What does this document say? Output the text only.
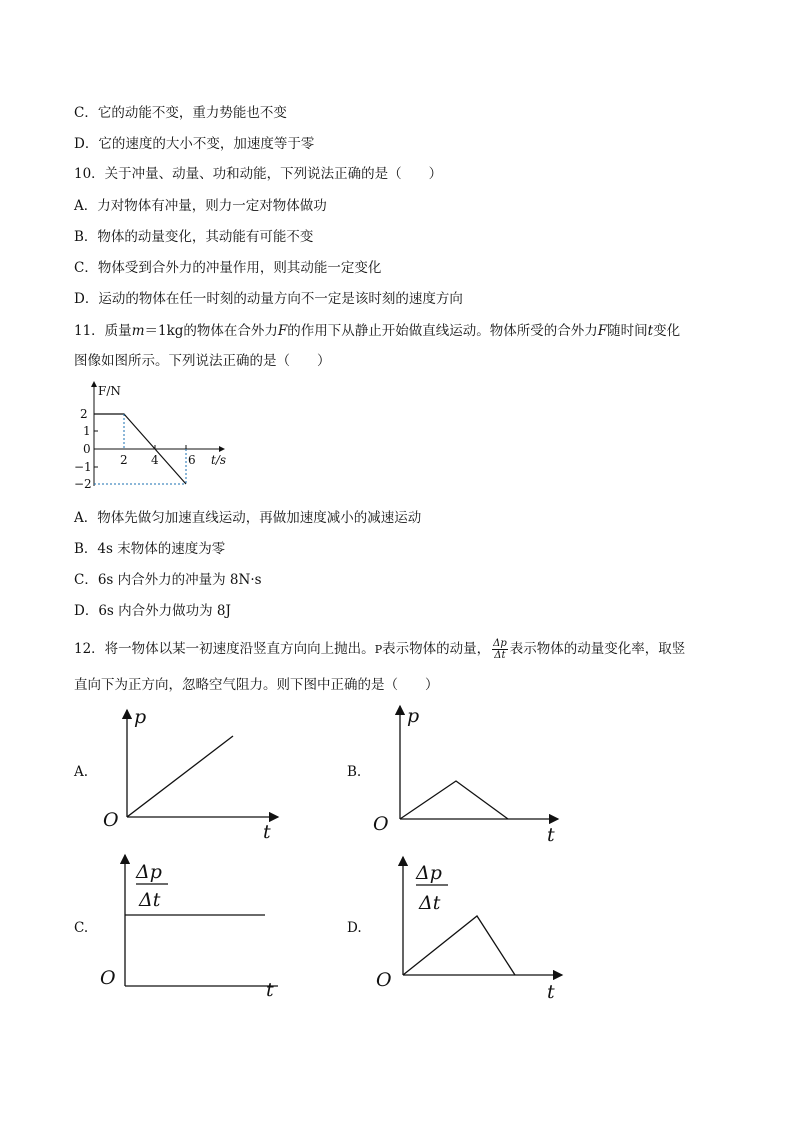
C．它的动能不变，重力势能也不变
D．它的速度的大小不变，加速度等于零
10．关于冲量、动量、功和动能，下列说法正确的是（　　）
A．力对物体有冲量，则力一定对物体做功
B．物体的动量变化，其动能有可能不变
C．物体受到合外力的冲量作用，则其动能一定变化
D．运动的物体在任一时刻的动量方向不一定是该时刻的速度方向
11．质量m＝1kg的物体在合外力F的作用下从静止开始做直线运动。物体所受的合外力F随时间t变化
图像如图所示。下列说法正确的是（　　）
F/N
t/s
2
1
0
−1
−2
2 4 6
A．物体先做匀加速直线运动，再做加速度减小的减速运动
B．4s 末物体的速度为零
C．6s 内合外力的冲量为 8N·s
D．6s 内合外力做功为 8J
12．将一物体以某一初速度沿竖直方向向上抛出。P表示物体的动量， $\frac{\Delta p}{\Delta t}$ 表示物体的动量变化率，取竖
直向下为正方向，忽略空气阻力。则下图中正确的是（　　）
A.	B.
C.	D.
p
t
O
p
t
O
Δp
Δt
t
O
Δp
Δt
t
O
